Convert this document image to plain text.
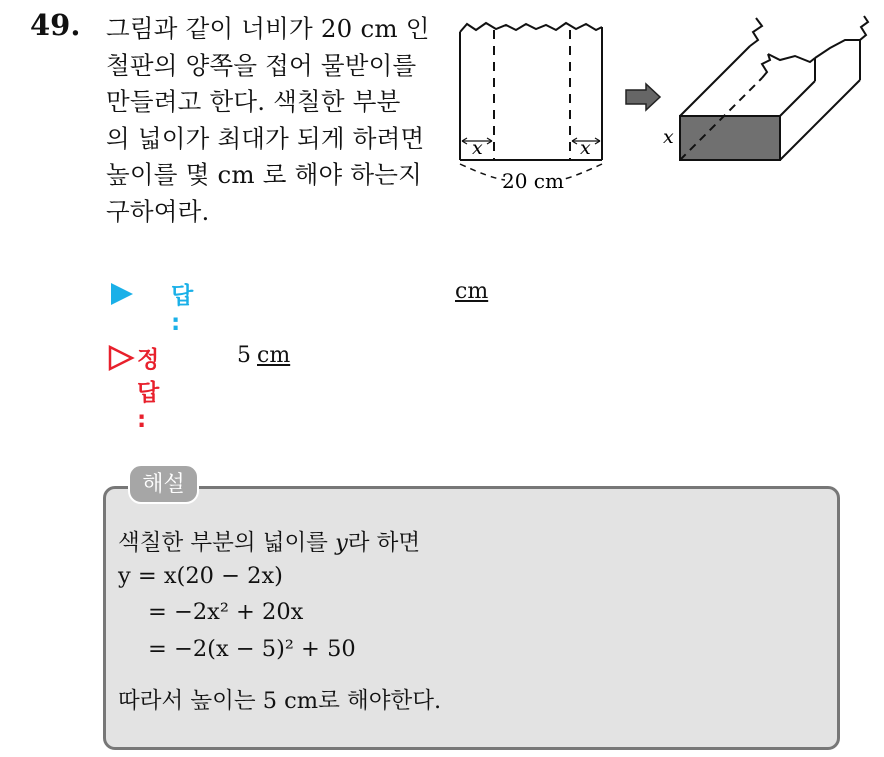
49. 그림과 같이 너비가 20 cm 인
철판의 양쪽을 접어 물받이를
만들려고 한다. 색칠한 부분
의 넓이가 최대가 되게 하려면
높이를 몇 cm 로 해야 하는지
구하여라.
x	x
20 cm
x
답 :
cm
정답 :
5 cm
해설
색칠한 부분의 넓이를 y라 하면
y = x(20 − 2x)
= −2x² + 20x
= −2(x − 5)² + 50
따라서 높이는 5 cm로 해야한다.
